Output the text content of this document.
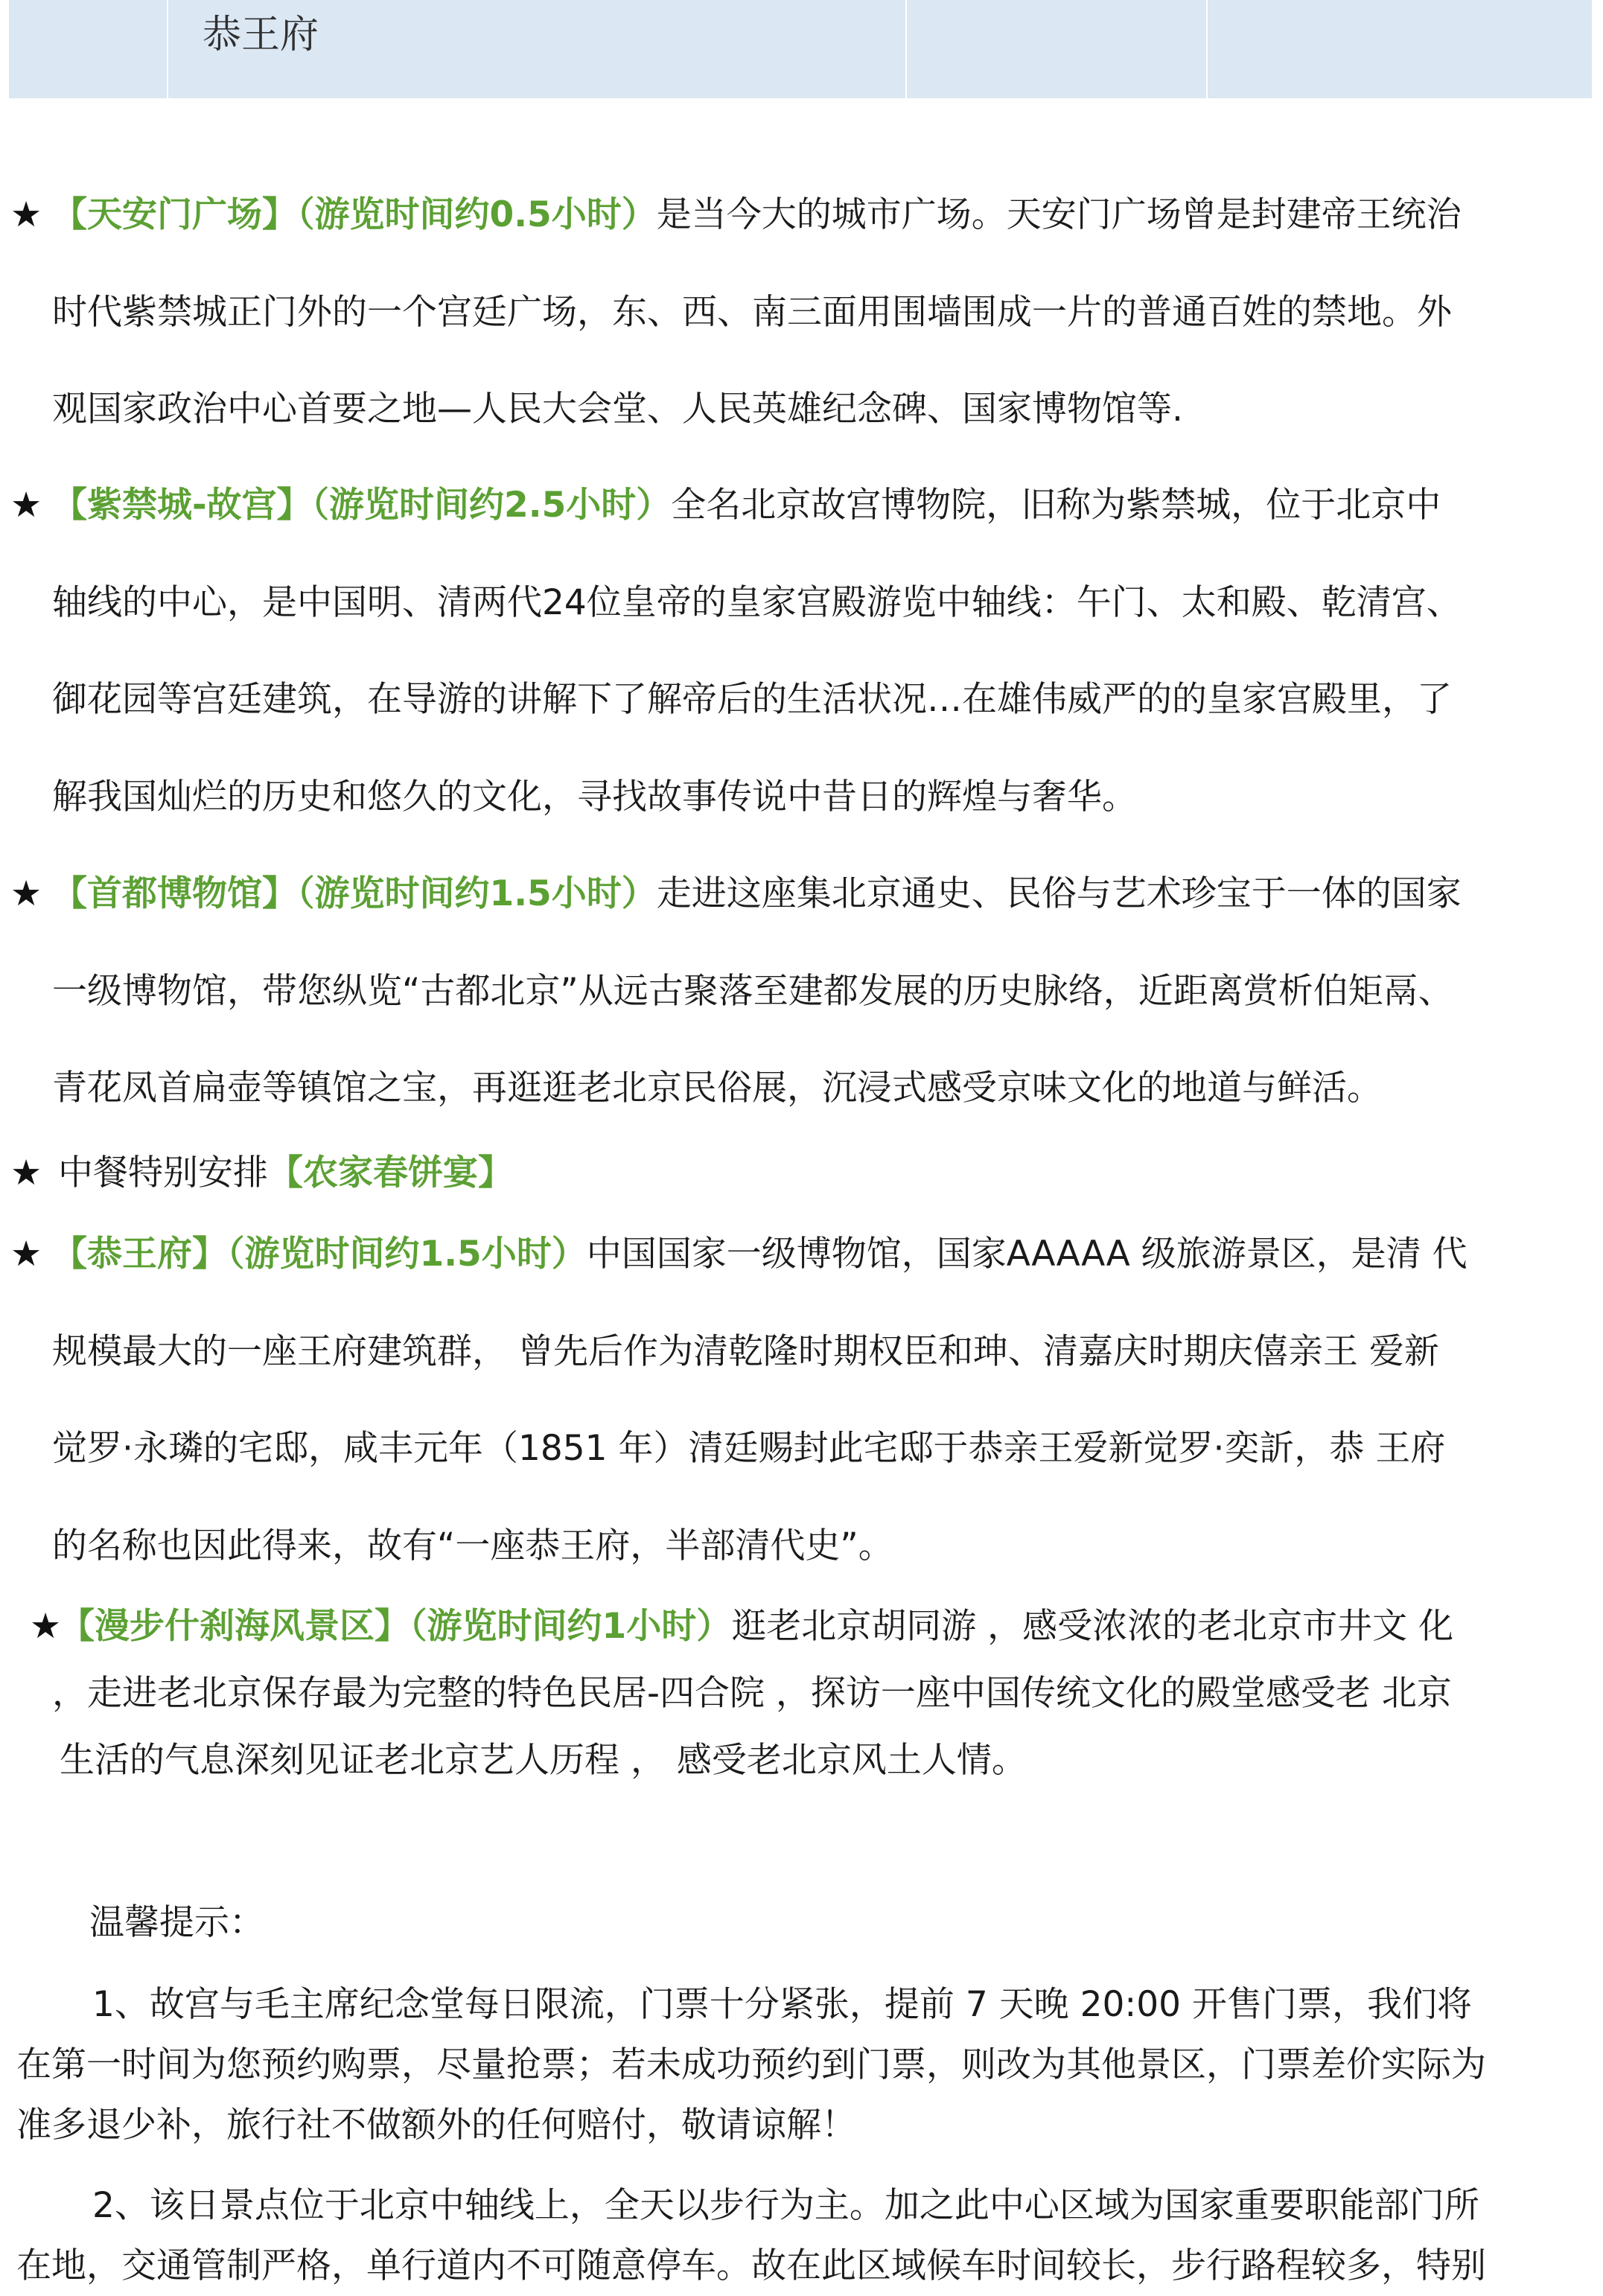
恭王府
★ 【天安门广场】（游览时间约0.5小时）是当今大的城市广场。天安门广场曾是封建帝王统治
时代紫禁城正门外的一个宫廷广场，东、西、南三面用围墙围成一片的普通百姓的禁地。外
观国家政治中心首要之地—人民大会堂、人民英雄纪念碑、国家博物馆等.
★ 【紫禁城-故宫】（游览时间约2.5小时）全名北京故宫博物院，旧称为紫禁城，位于北京中
轴线的中心，是中国明、清两代24位皇帝的皇家宫殿游览中轴线：午门、太和殿、乾清宫、
御花园等宫廷建筑，在导游的讲解下了解帝后的生活状况…在雄伟威严的的皇家宫殿里，了
解我国灿烂的历史和悠久的文化，寻找故事传说中昔日的辉煌与奢华。
★ 【首都博物馆】（游览时间约1.5小时）走进这座集北京通史、民俗与艺术珍宝于一体的国家
一级博物馆，带您纵览“古都北京”从远古聚落至建都发展的历史脉络，近距离赏析伯矩鬲、
青花凤首扁壶等镇馆之宝，再逛逛老北京民俗展，沉浸式感受京味文化的地道与鲜活。
★ 中餐特别安排【农家春饼宴】
★ 【恭王府】（游览时间约1.5小时）中国国家一级博物馆，国家AAAAA 级旅游景区，是清 代
规模最大的一座王府建筑群， 曾先后作为清乾隆时期权臣和珅、清嘉庆时期庆僖亲王 爱新
觉罗·永璘的宅邸，咸丰元年（1851 年）清廷赐封此宅邸于恭亲王爱新觉罗·奕訢，恭 王府
的名称也因此得来，故有“一座恭王府，半部清代史”。
★
【漫步什刹海风景区】（游览时间约1小时）逛老北京胡同游 ，感受浓浓的老北京市井文 化
，走进老北京保存最为完整的特色民居-四合院 ，探访一座中国传统文化的殿堂感受老 北京
生活的气息深刻见证老北京艺人历程 ， 感受老北京风土人情。
温馨提示：
1、故宫与毛主席纪念堂每日限流，门票十分紧张，提前 7 天晚 20:00 开售门票，我们将
在第一时间为您预约购票，尽量抢票；若未成功预约到门票，则改为其他景区，门票差价实际为
准多退少补，旅行社不做额外的任何赔付，敬请谅解！
2、该日景点位于北京中轴线上，全天以步行为主。加之此中心区域为国家重要职能部门所
在地，交通管制严格，单行道内不可随意停车。故在此区域候车时间较长，步行路程较多，特别
